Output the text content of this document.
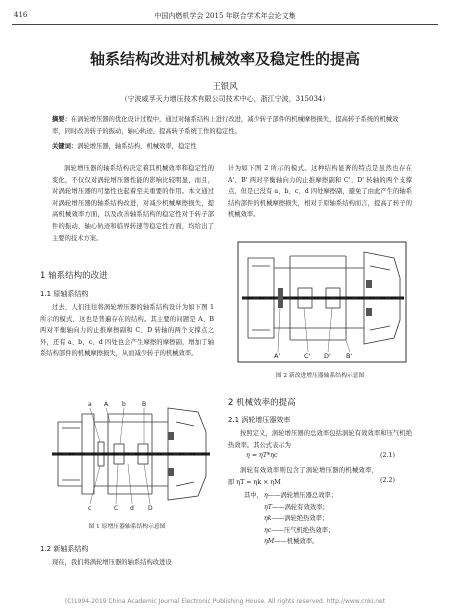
416	中国内燃机学会 2015 年联合学术年会论文集
轴系结构改进对机械效率及稳定性的提高
王银风
（宁波威孚天力增压技术有限公司技术中心，浙江宁波，315034）
摘要：在涡轮增压器的优化设计过程中，通过对轴系结构上进行改进，减少转子部件的机械摩擦损失，提高转子系统的机械效率，同时改善转子的振动，轴心轨迹，提高转子系统工作的稳定性。
关键词：涡轮增压器，轴系结构，机械效率，稳定性
涡轮增压器的轴系结构决定着其机械效率和稳定性的变化，不仅仅对涡轮增压器性能的影响比较明显，而且，对涡轮增压器的可靠性也起着至关重要的作用。本文通过对涡轮增压器的轴系结构改进，对减少机械摩擦损失，提高机械效率方面，以及改善轴系结构的稳定性对于转子部件的振动、轴心轨迹和临界转速等稳定性方面，均给出了主要的技术方案。
1 轴系结构的改进
1.1 原轴系结构
过去，人们往往将涡轮增压器的轴系结构设计为如下图 1 所示的模式，这也是普遍存在的结构。其主要的问题是 A、B 两对平衡轴向力的止推摩擦副和 C、D 转轴的两个支撑点之外，还有 a、b、c、d 四处也会产生摩擦的摩擦副，增加了轴系结构部件的机械摩擦损失，从而减少转子的机械效率。
a A b	B
c	C d D
图 1 原增压器轴系结构示意图
1.2 新轴系结构
现在，我们将涡轮增压器的轴系结构改进设
计为如下图 2 所示的模式。这种结构显著的特点是虽然也存在 A'、B' 两对平衡轴向力的止推摩擦副和 C'、D' 转轴的两个支撑点，但是已没有 a、b、c、d 四处摩擦副，避免了由此产生的轴系结构部件的机械摩擦损失，相对于原轴系结构而言，提高了转子的机械效率。
A'	C' D' B'
图 2 新改进增压器轴系结构示意图
2 机械效率的提高
2.1 涡轮增压器效率
按照定义，涡轮增压器的总效率包括涡轮有效效率和压气机绝热效率。其公式表示为
η = ηT*ηc	(2.1)
涡轮有效效率则包含了涡轮增压器的机械效率，即 ηT = ηk × ηM	(2.2)
其中， η——涡轮增压器总效率；
ηT——涡轮有效效率；
ηk——涡轮绝热效率；
ηc——压气机绝热效率；
ηM——机械效率。
(C)1994-2019 China Academic Journal Electronic Publishing House. All rights reserved. http://www.cnki.net
